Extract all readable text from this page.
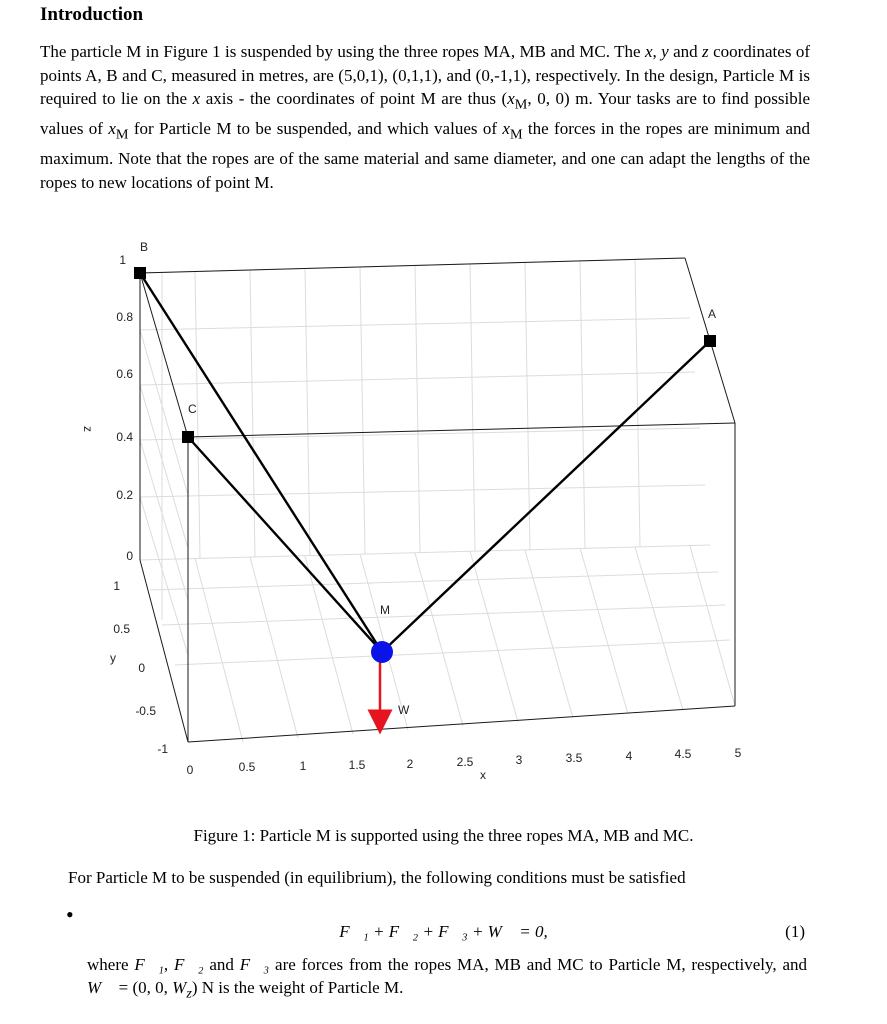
Introduction
The particle M in Figure 1 is suspended by using the three ropes MA, MB and MC. The x, y and z coordinates of points A, B and C, measured in metres, are (5,0,1), (0,1,1), and (0,-1,1), respectively. In the design, Particle M is required to lie on the x axis - the coordinates of point M are thus ($x_M$, 0, 0) m. Your tasks are to find possible values of $x_M$ for Particle M to be suspended, and which values of $x_M$ the forces in the ropes are minimum and maximum. Note that the ropes are of the same material and same diameter, and one can adapt the lengths of the ropes to new locations of point M.
B
A
C
M
W
z
1
0.8
0.6
0.4
0.2
0
y
1
0.5
0
-0.5
-1
x
0	0.5	1	1.5	2	2.5	3	3.5	4	4.5	5
Figure 1: Particle M is supported using the three ropes MA, MB and MC.
For Particle M to be suspended (in equilibrium), the following conditions must be satisfied
•
F⃗₁ + F⃗₂ + F⃗₃ + W⃗ = 0,	(1)
where F⃗₁, F⃗₂ and F⃗₃ are forces from the ropes MA, MB and MC to Particle M, respectively, and W⃗ = (0, 0, $W_z$) N is the weight of Particle M.
